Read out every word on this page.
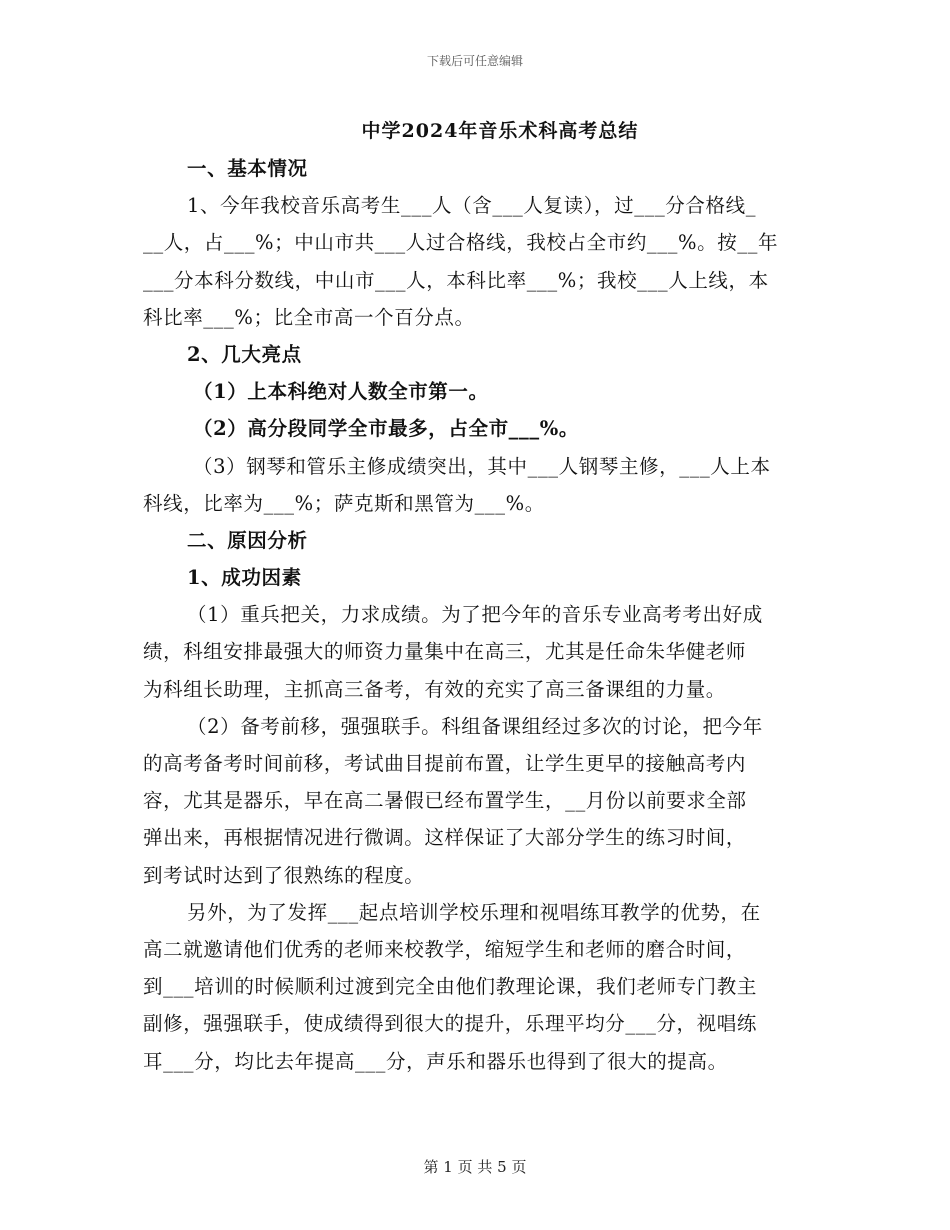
下载后可任意编辑
中学2024年音乐术科高考总结
一、基本情况
1、今年我校音乐高考生___人（含___人复读），过___分合格线_
__人，占___%；中山市共___人过合格线，我校占全市约___%。按__年
___分本科分数线，中山市___人，本科比率___%；我校___人上线，本
科比率___%；比全市高一个百分点。
2、几大亮点
（1）上本科绝对人数全市第一。
（2）高分段同学全市最多，占全市___%。
（3）钢琴和管乐主修成绩突出，其中___人钢琴主修，___人上本
科线，比率为___%；萨克斯和黑管为___%。
二、原因分析
1、成功因素
（1）重兵把关，力求成绩。为了把今年的音乐专业高考考出好成
绩，科组安排最强大的师资力量集中在高三，尤其是任命朱华健老师
为科组长助理，主抓高三备考，有效的充实了高三备课组的力量。
（2）备考前移，强强联手。科组备课组经过多次的讨论，把今年
的高考备考时间前移，考试曲目提前布置，让学生更早的接触高考内
容，尤其是器乐，早在高二暑假已经布置学生，__月份以前要求全部
弹出来，再根据情况进行微调。这样保证了大部分学生的练习时间，
到考试时达到了很熟练的程度。
另外，为了发挥___起点培训学校乐理和视唱练耳教学的优势，在
高二就邀请他们优秀的老师来校教学，缩短学生和老师的磨合时间，
到___培训的时候顺利过渡到完全由他们教理论课，我们老师专门教主
副修，强强联手，使成绩得到很大的提升，乐理平均分___分，视唱练
耳___分，均比去年提高___分，声乐和器乐也得到了很大的提高。
第 1 页 共 5 页
